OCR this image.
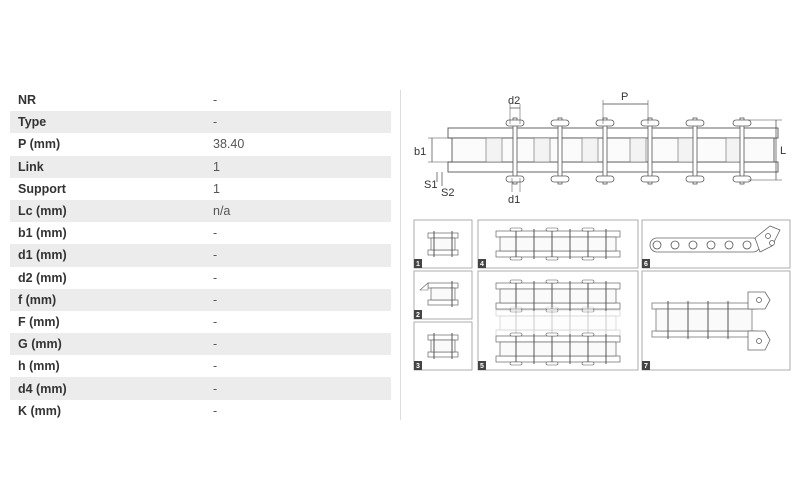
NR	-
Type	-
P (mm)	38.40
Link	1
Support	1
Lc (mm)	n/a
b1 (mm)	-
d1 (mm)	-
d2 (mm)	-
f (mm)	-
F (mm)	-
G (mm)	-
h (mm)	-
d4 (mm)	-
K (mm)	-
d2	P
b1	L
S1
S2
d1
1
2
3
4
5
6
7
